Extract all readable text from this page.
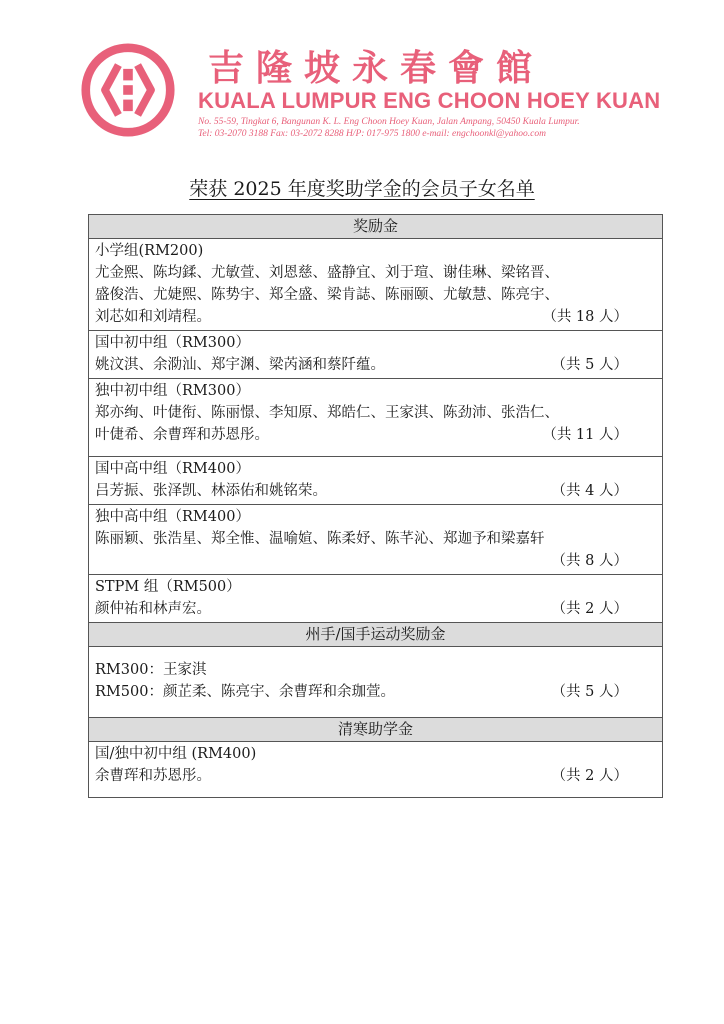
吉隆坡永春會館
KUALA LUMPUR ENG CHOON HOEY KUAN
No. 55-59, Tingkat 6, Bangunan K. L. Eng Choon Hoey Kuan, Jalan Ampang, 50450 Kuala Lumpur.
Tel: 03-2070 3188 Fax: 03-2072 8288 H/P: 017-975 1800 e-mail: engchoonkl@yahoo.com
荣获 2025 年度奖助学金的会员子女名单
奖励金
小学组(RM200)
尤金熙、陈均鍒、尤敏萱、刘恩慈、盛静宜、刘于瑄、谢佳琳、梁铭晋、
盛俊浩、尤婕熙、陈势宇、郑全盛、梁肯誌、陈丽颐、尤敏慧、陈亮宇、
刘芯如和刘靖程。	（共 18 人）
国中初中组（RM300）
姚汶淇、余泐汕、郑宇渊、梁芮涵和蔡阡蕴。	（共 5 人）
独中初中组（RM300）
郑亦绚、叶倢衔、陈丽憬、李知原、郑皓仁、王家淇、陈劲沛、张浩仁、
叶倢希、余曹珲和苏恩彤。	（共 11 人）
国中高中组（RM400）
吕芳振、张泽凯、林添佑和姚铭荣。	（共 4 人）
独中高中组（RM400）
陈丽颖、张浩星、郑全惟、温喻媗、陈柔妤、陈芊沁、郑迦予和梁嘉轩
（共 8 人）
STPM 组（RM500）
颜仲祐和林声宏。	（共 2 人）
州手/国手运动奖励金
RM300：王家淇
RM500：颜芷柔、陈亮宇、余曹珲和余珈萱。	（共 5 人）
清寒助学金
国/独中初中组 (RM400)
余曹珲和苏恩彤。	（共 2 人）
